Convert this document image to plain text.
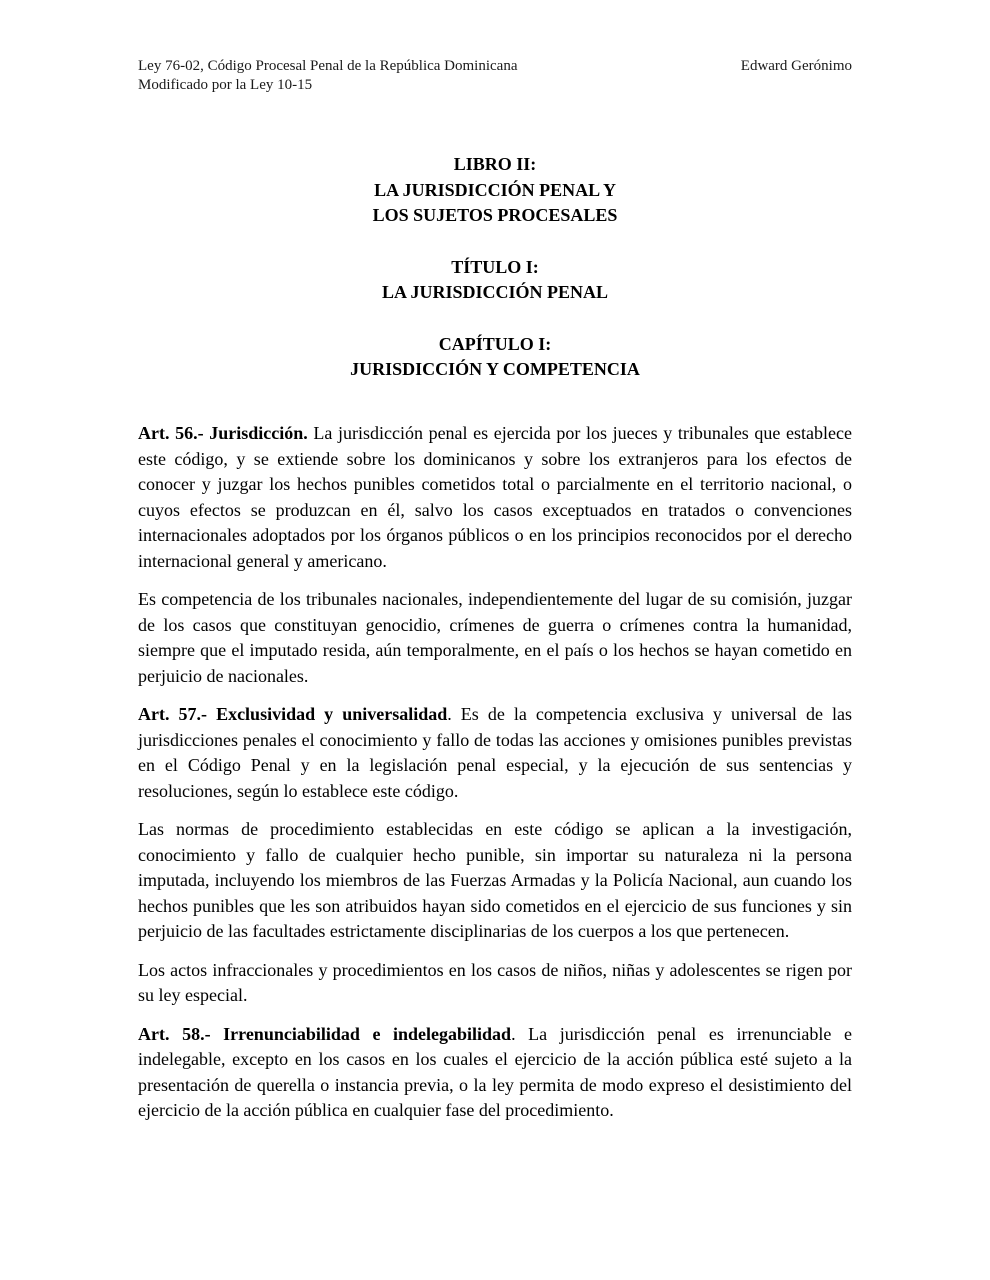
Ley 76-02, Código Procesal Penal de la República Dominicana	Edward Gerónimo
Modificado por la Ley 10-15
LIBRO II:
LA JURISDICCIÓN PENAL Y
LOS SUJETOS PROCESALES
TÍTULO I:
LA JURISDICCIÓN PENAL
CAPÍTULO I:
JURISDICCIÓN Y COMPETENCIA

Art. 56.- Jurisdicción. La jurisdicción penal es ejercida por los jueces y tribunales que establece este código, y se extiende sobre los dominicanos y sobre los extranjeros para los efectos de conocer y juzgar los hechos punibles cometidos total o parcialmente en el territorio nacional, o cuyos efectos se produzcan en él, salvo los casos exceptuados en tratados o convenciones internacionales adoptados por los órganos públicos o en los principios reconocidos por el derecho internacional general y americano.

Es competencia de los tribunales nacionales, independientemente del lugar de su comisión, juzgar de los casos que constituyan genocidio, crímenes de guerra o crímenes contra la humanidad, siempre que el imputado resida, aún temporalmente, en el país o los hechos se hayan cometido en perjuicio de nacionales.

Art. 57.- Exclusividad y universalidad. Es de la competencia exclusiva y universal de las jurisdicciones penales el conocimiento y fallo de todas las acciones y omisiones punibles previstas en el Código Penal y en la legislación penal especial, y la ejecución de sus sentencias y resoluciones, según lo establece este código.

Las normas de procedimiento establecidas en este código se aplican a la investigación, conocimiento y fallo de cualquier hecho punible, sin importar su naturaleza ni la persona imputada, incluyendo los miembros de las Fuerzas Armadas y la Policía Nacional, aun cuando los hechos punibles que les son atribuidos hayan sido cometidos en el ejercicio de sus funciones y sin perjuicio de las facultades estrictamente disciplinarias de los cuerpos a los que pertenecen.

Los actos infraccionales y procedimientos en los casos de niños, niñas y adolescentes se rigen por su ley especial.

Art. 58.- Irrenunciabilidad e indelegabilidad. La jurisdicción penal es irrenunciable e indelegable, excepto en los casos en los cuales el ejercicio de la acción pública esté sujeto a la presentación de querella o instancia previa, o la ley permita de modo expreso el desistimiento del ejercicio de la acción pública en cualquier fase del procedimiento.
